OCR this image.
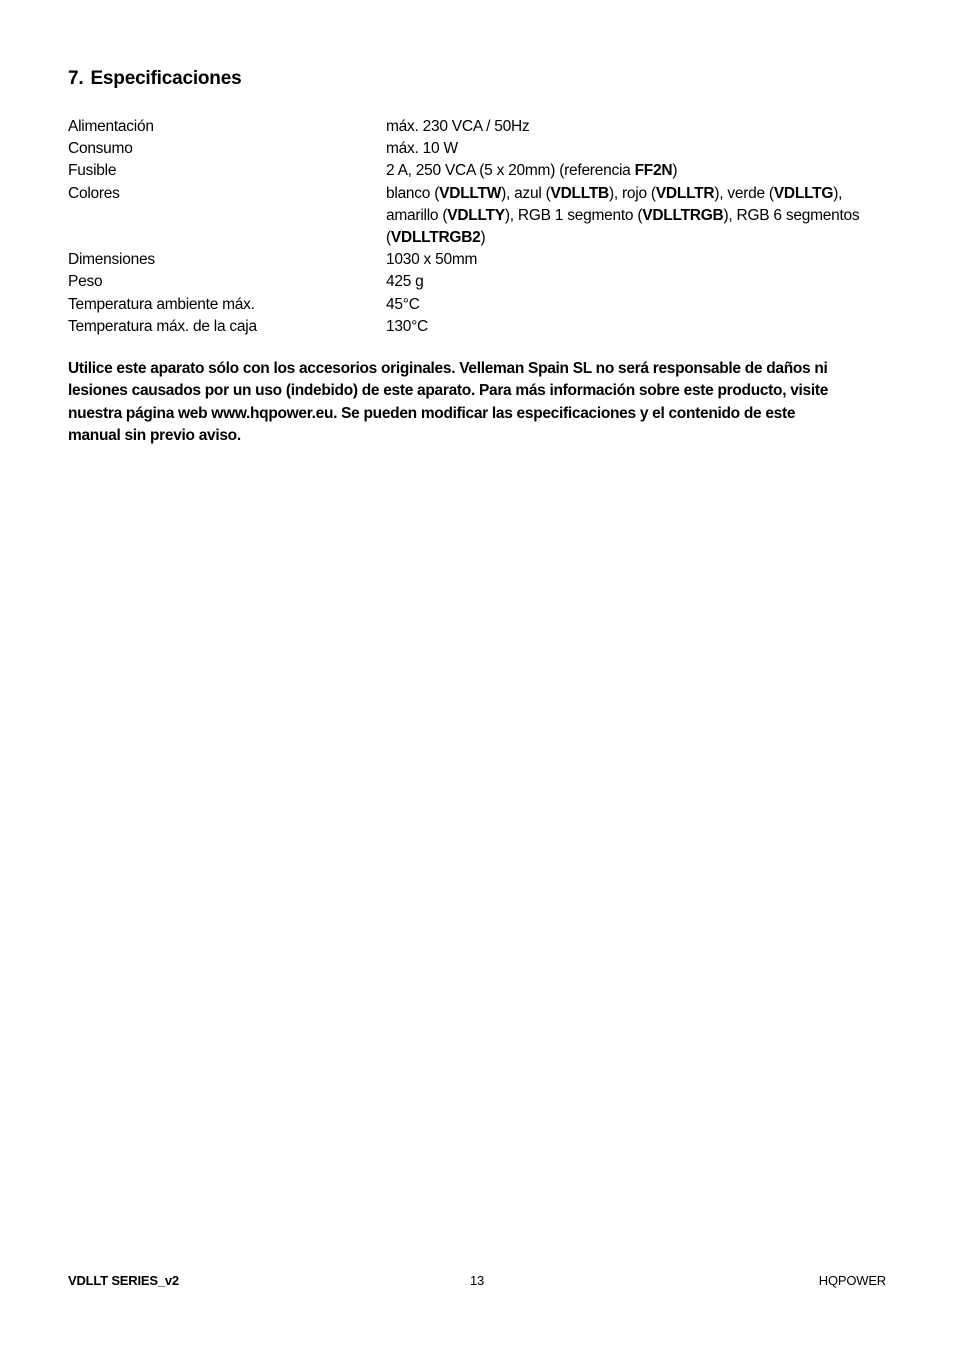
7. Especificaciones
Alimentación	máx. 230 VCA / 50Hz
Consumo	máx. 10 W
Fusible	2 A, 250 VCA (5 x 20mm) (referencia FF2N)
Colores	blanco (VDLLTW), azul (VDLLTB), rojo (VDLLTR), verde (VDLLTG),
amarillo (VDLLTY), RGB 1 segmento (VDLLTRGB), RGB 6 segmentos
(VDLLTRGB2)
Dimensiones	1030 x 50mm
Peso	425 g
Temperatura ambiente máx.	45°C
Temperatura máx. de la caja	130°C
Utilice este aparato sólo con los accesorios originales. Velleman Spain SL no será responsable de daños ni
lesiones causados por un uso (indebido) de este aparato. Para más información sobre este producto, visite
nuestra página web www.hqpower.eu. Se pueden modificar las especificaciones y el contenido de este
manual sin previo aviso.
VDLLT SERIES_v2	13	HQPOWER
